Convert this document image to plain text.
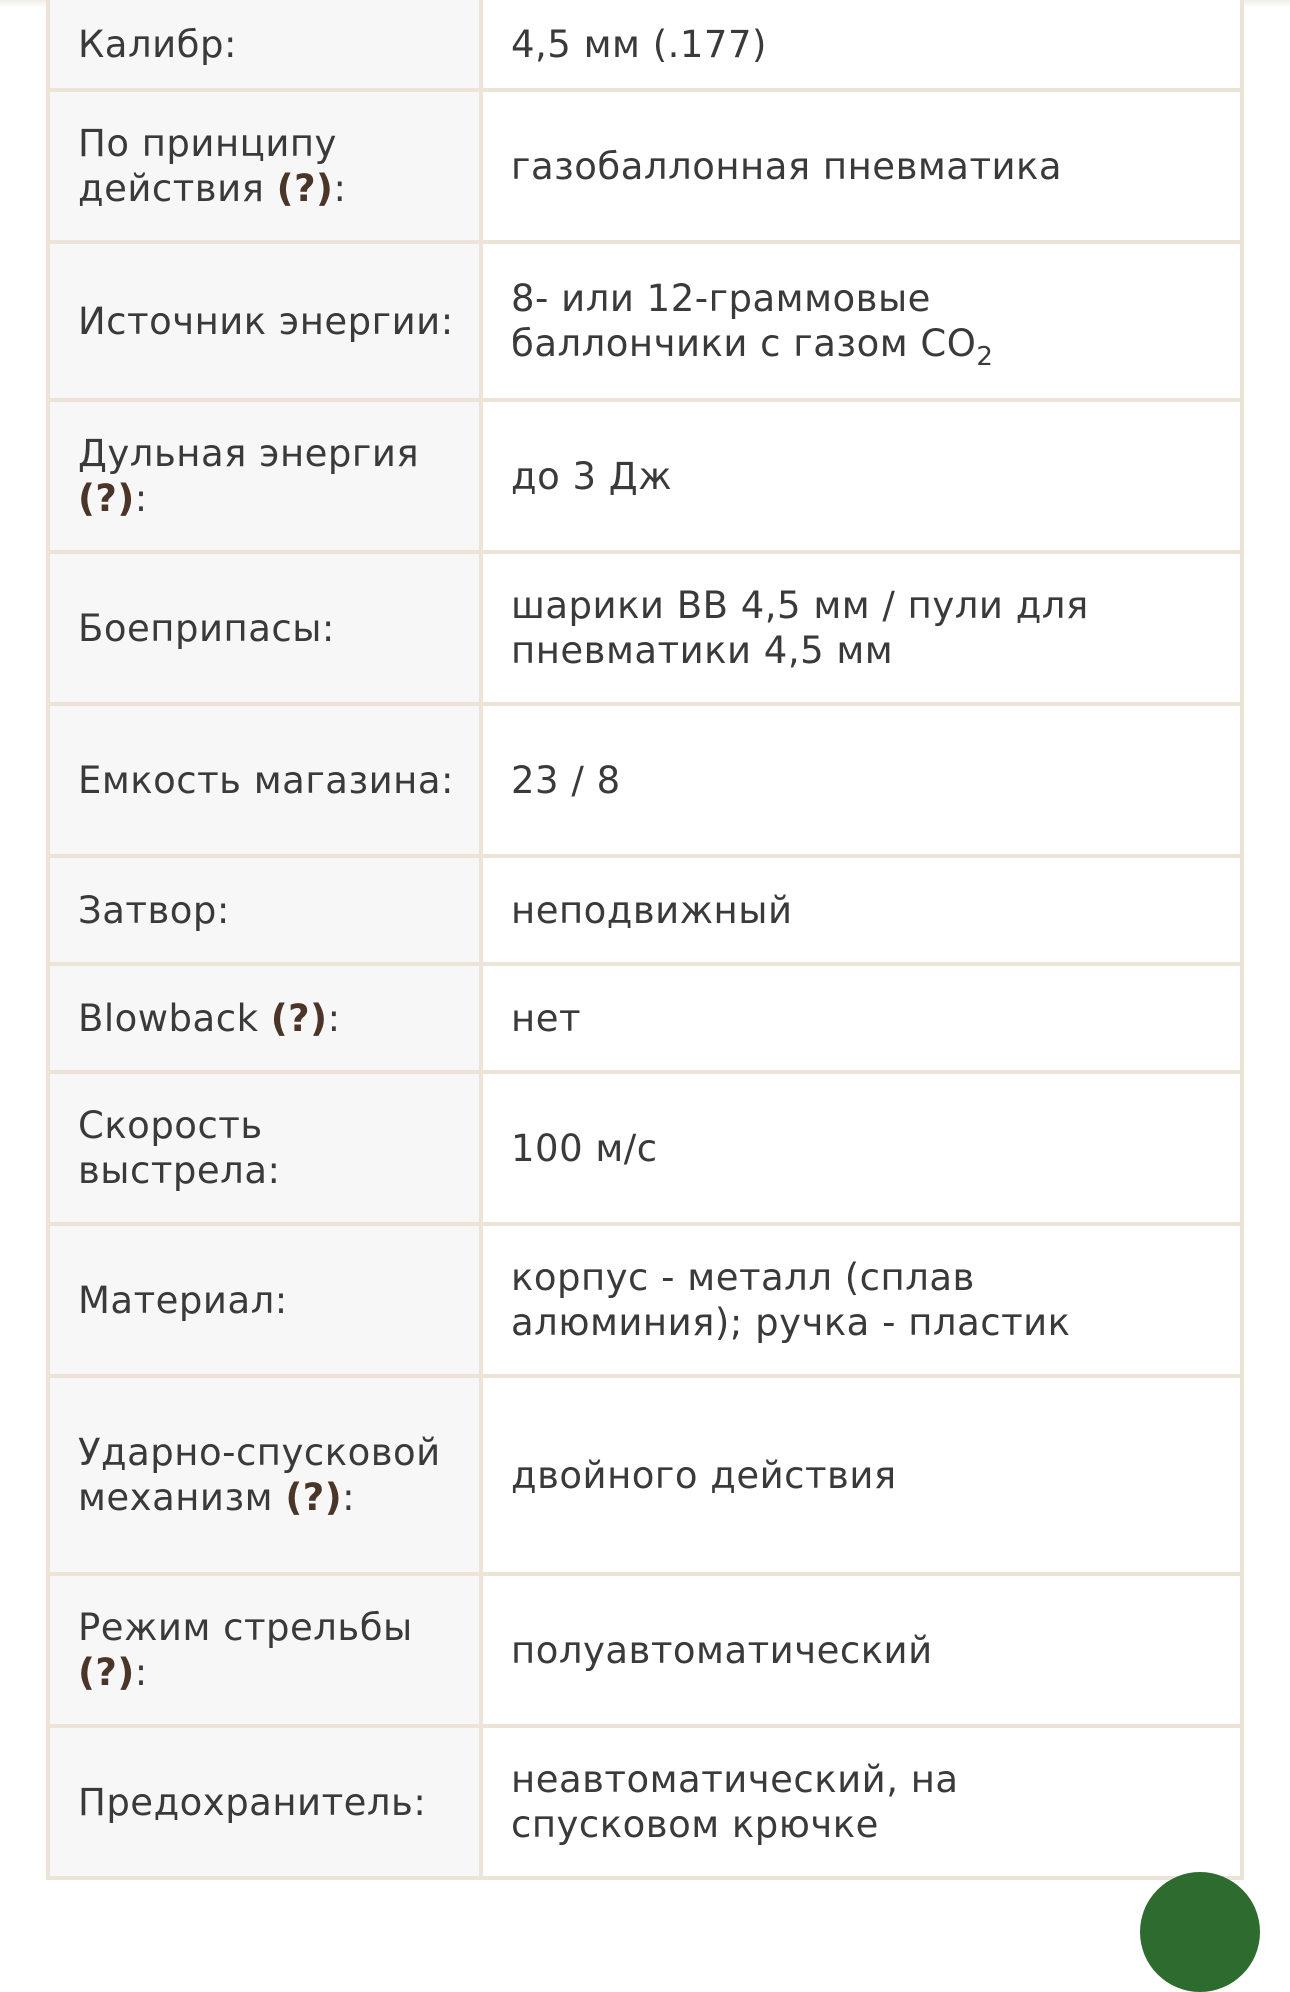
Калибр:	4,5 мм (.177)
По принципу действия (?):	газобаллонная пневматика
Источник энергии:	8- или 12-граммовые баллончики с газом $CO_2$
Дульная энергия (?):	до 3 Дж
Боеприпасы:	шарики BB 4,5 мм / пули для пневматики 4,5 мм
Емкость магазина:	23 / 8
Затвор:	неподвижный
Blowback (?):	нет
Скорость выстрела:	100 м/с
Материал:	корпус - металл (сплав алюминия); ручка - пластик
Ударно-спусковой механизм (?):	двойного действия
Режим стрельбы (?):	полуавтоматический
Предохранитель:	неавтоматический, на спусковом крючке
